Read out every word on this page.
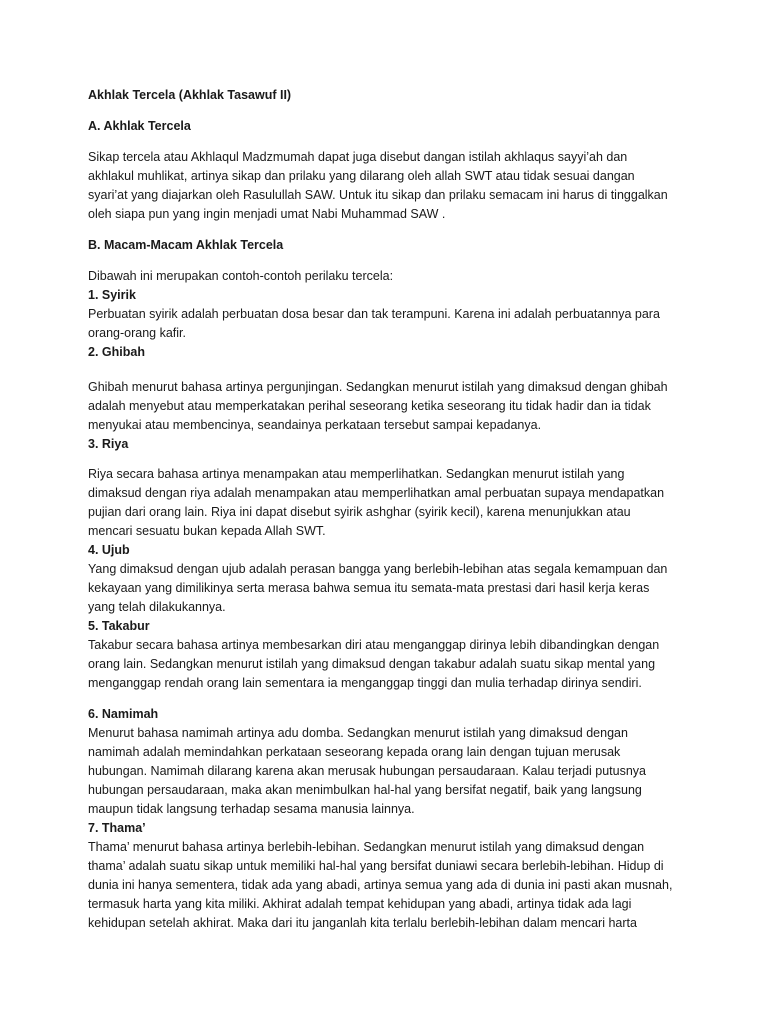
Akhlak Tercela (Akhlak Tasawuf II)

A. Akhlak Tercela

Sikap tercela atau Akhlaqul Madzmumah dapat juga disebut dangan istilah akhlaqus sayyi’ah dan

akhlakul muhlikat, artinya sikap dan prilaku yang dilarang oleh allah SWT atau tidak sesuai dangan

syari’at yang diajarkan oleh Rasulullah SAW. Untuk itu sikap dan prilaku semacam ini harus di tinggalkan

oleh siapa pun yang ingin menjadi umat Nabi Muhammad SAW .

B. Macam-Macam Akhlak Tercela

Dibawah ini merupakan contoh-contoh perilaku tercela:

1. Syirik

Perbuatan syirik adalah perbuatan dosa besar dan tak terampuni. Karena ini adalah perbuatannya para

orang-orang kafir.

2. Ghibah

Ghibah menurut bahasa artinya pergunjingan. Sedangkan menurut istilah yang dimaksud dengan ghibah

adalah menyebut atau memperkatakan perihal seseorang ketika seseorang itu tidak hadir dan ia tidak

menyukai atau membencinya, seandainya perkataan tersebut sampai kepadanya.

3. Riya

Riya secara bahasa artinya menampakan atau memperlihatkan. Sedangkan menurut istilah yang

dimaksud dengan riya adalah menampakan atau memperlihatkan amal perbuatan supaya mendapatkan

pujian dari orang lain. Riya ini dapat disebut syirik ashghar (syirik kecil), karena menunjukkan atau

mencari sesuatu bukan kepada Allah SWT.

4. Ujub

Yang dimaksud dengan ujub adalah perasan bangga yang berlebih-lebihan atas segala kemampuan dan

kekayaan yang dimilikinya serta merasa bahwa semua itu semata-mata prestasi dari hasil kerja keras

yang telah dilakukannya.

5. Takabur

Takabur secara bahasa artinya membesarkan diri atau menganggap dirinya lebih dibandingkan dengan

orang lain. Sedangkan menurut istilah yang dimaksud dengan takabur adalah suatu sikap mental yang

menganggap rendah orang lain sementara ia menganggap tinggi dan mulia terhadap dirinya sendiri.

6. Namimah

Menurut bahasa namimah artinya adu domba. Sedangkan menurut istilah yang dimaksud dengan

namimah adalah memindahkan perkataan seseorang kepada orang lain dengan tujuan merusak

hubungan. Namimah dilarang karena akan merusak hubungan persaudaraan. Kalau terjadi putusnya

hubungan persaudaraan, maka akan menimbulkan hal-hal yang bersifat negatif, baik yang langsung

maupun tidak langsung terhadap sesama manusia lainnya.

7. Thama’

Thama’ menurut bahasa artinya berlebih-lebihan. Sedangkan menurut istilah yang dimaksud dengan

thama’ adalah suatu sikap untuk memiliki hal-hal yang bersifat duniawi secara berlebih-lebihan. Hidup di

dunia ini hanya sementera, tidak ada yang abadi, artinya semua yang ada di dunia ini pasti akan musnah,

termasuk harta yang kita miliki. Akhirat adalah tempat kehidupan yang abadi, artinya tidak ada lagi

kehidupan setelah akhirat. Maka dari itu janganlah kita terlalu berlebih-lebihan dalam mencari harta
